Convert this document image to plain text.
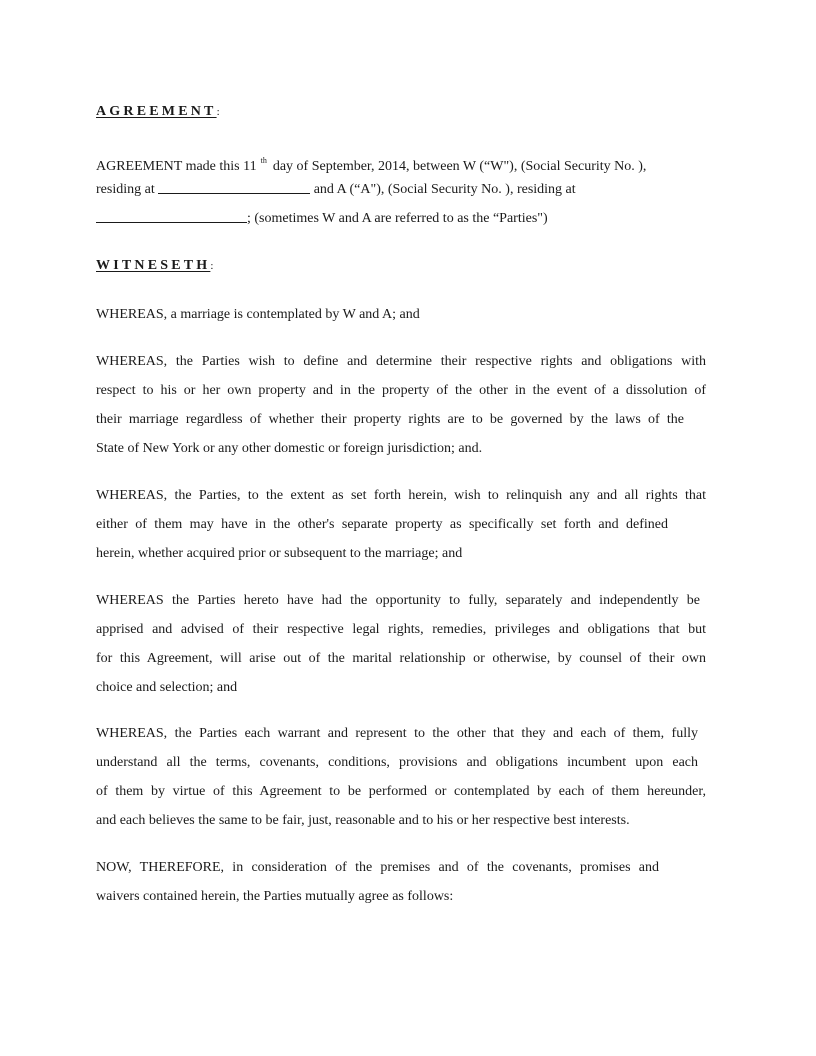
AGREEMENT:
AGREEMENT made this 11 $^{th}$ day of September, 2014, between W (“W"), (Social Security No. ),
residing at	and A (“A"), (Social Security No. ), residing at
; (sometimes W and A are referred to as the “Parties")
WITNESETH:
WHEREAS, a marriage is contemplated by W and A; and
WHEREAS, the Parties wish to define and determine their respective rights and obligations with
respect to his or her own property and in the property of the other in the event of a dissolution of
their marriage regardless of whether their property rights are to be governed by the laws of the
State of New York or any other domestic or foreign jurisdiction; and.
WHEREAS, the Parties, to the extent as set forth herein, wish to relinquish any and all rights that
either of them may have in the other's separate property as specifically set forth and defined
herein, whether acquired prior or subsequent to the marriage; and
WHEREAS the Parties hereto have had the opportunity to fully, separately and independently be
apprised and advised of their respective legal rights, remedies, privileges and obligations that but
for this Agreement, will arise out of the marital relationship or otherwise, by counsel of their own
choice and selection; and
WHEREAS, the Parties each warrant and represent to the other that they and each of them, fully
understand all the terms, covenants, conditions, provisions and obligations incumbent upon each
of them by virtue of this Agreement to be performed or contemplated by each of them hereunder,
and each believes the same to be fair, just, reasonable and to his or her respective best interests.
NOW, THEREFORE, in consideration of the premises and of the covenants, promises and
waivers contained herein, the Parties mutually agree as follows:
